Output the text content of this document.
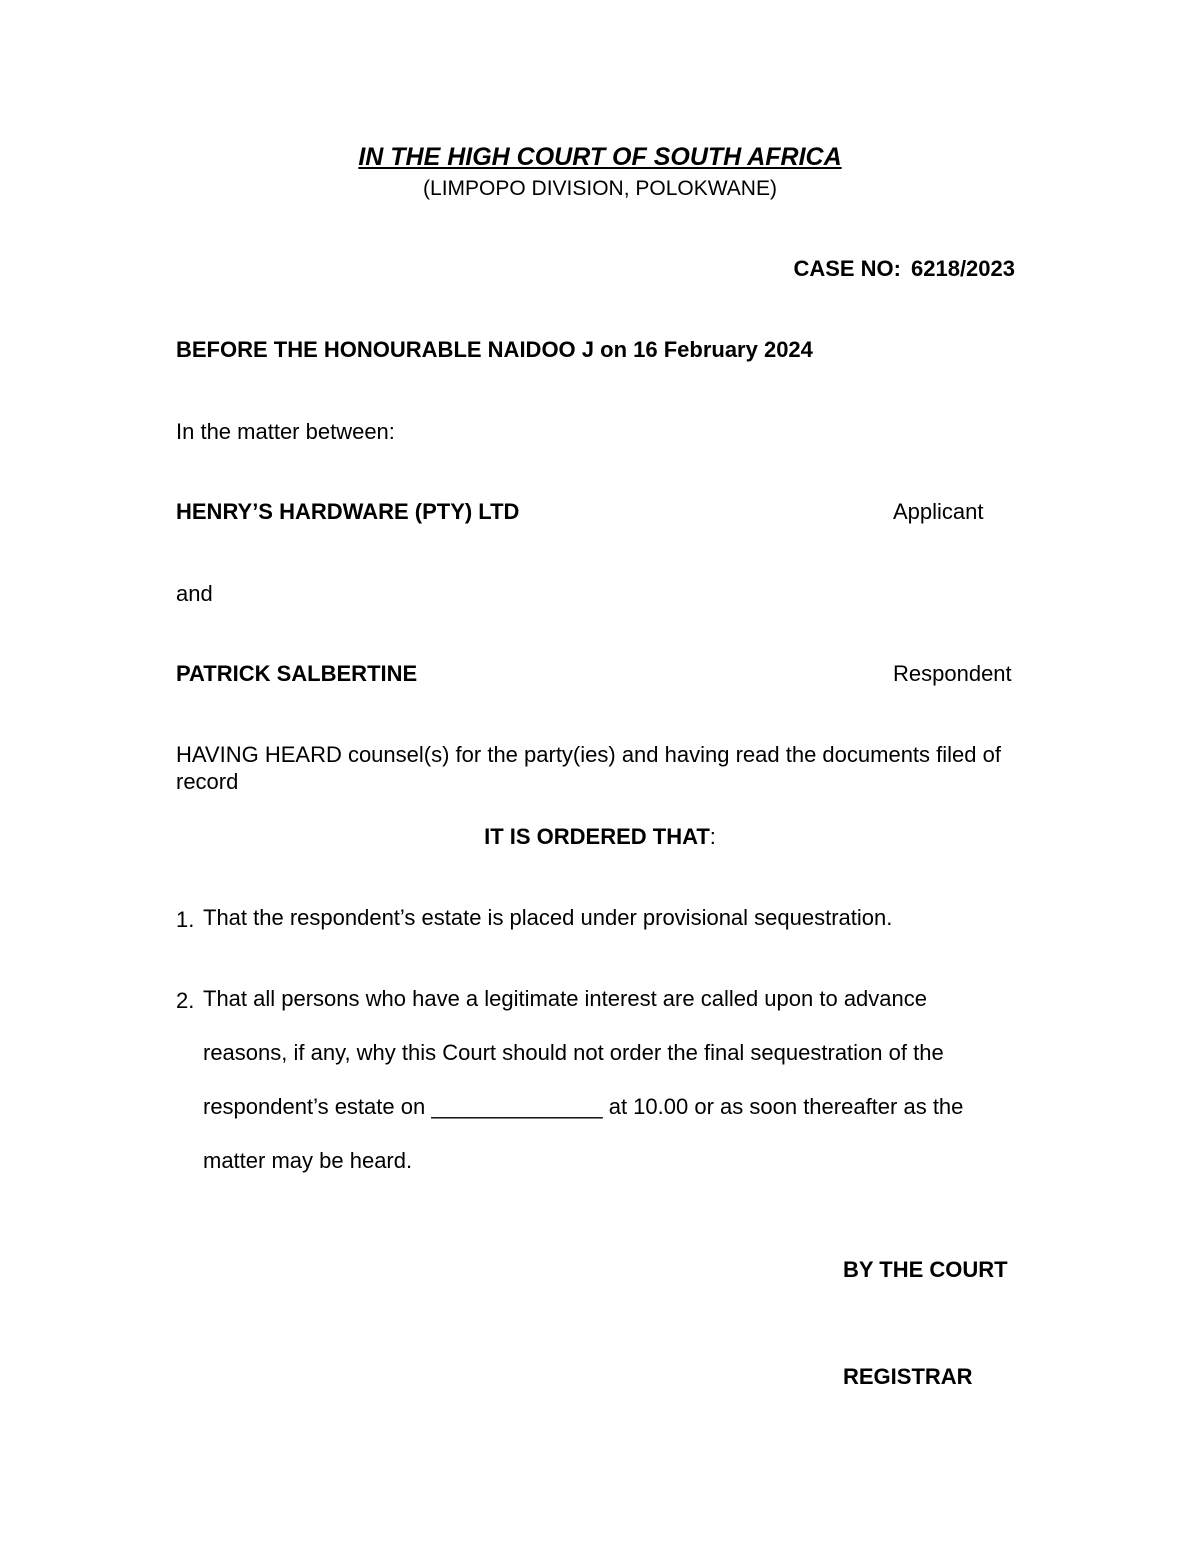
IN THE HIGH COURT OF SOUTH AFRICA
(LIMPOPO DIVISION, POLOKWANE)
CASE NO: 6218/2023
BEFORE THE HONOURABLE NAIDOO J on 16 February 2024
In the matter between:
HENRY’S HARDWARE (PTY) LTD	Applicant
and
PATRICK SALBERTINE	Respondent
HAVING HEARD counsel(s) for the party(ies) and having read the documents filed of record
IT IS ORDERED THAT:
1. That the respondent’s estate is placed under provisional sequestration.
2. That all persons who have a legitimate interest are called upon to advance reasons, if any, why this Court should not order the final sequestration of the respondent’s estate on ______________ at 10.00 or as soon thereafter as the matter may be heard.
BY THE COURT
REGISTRAR
